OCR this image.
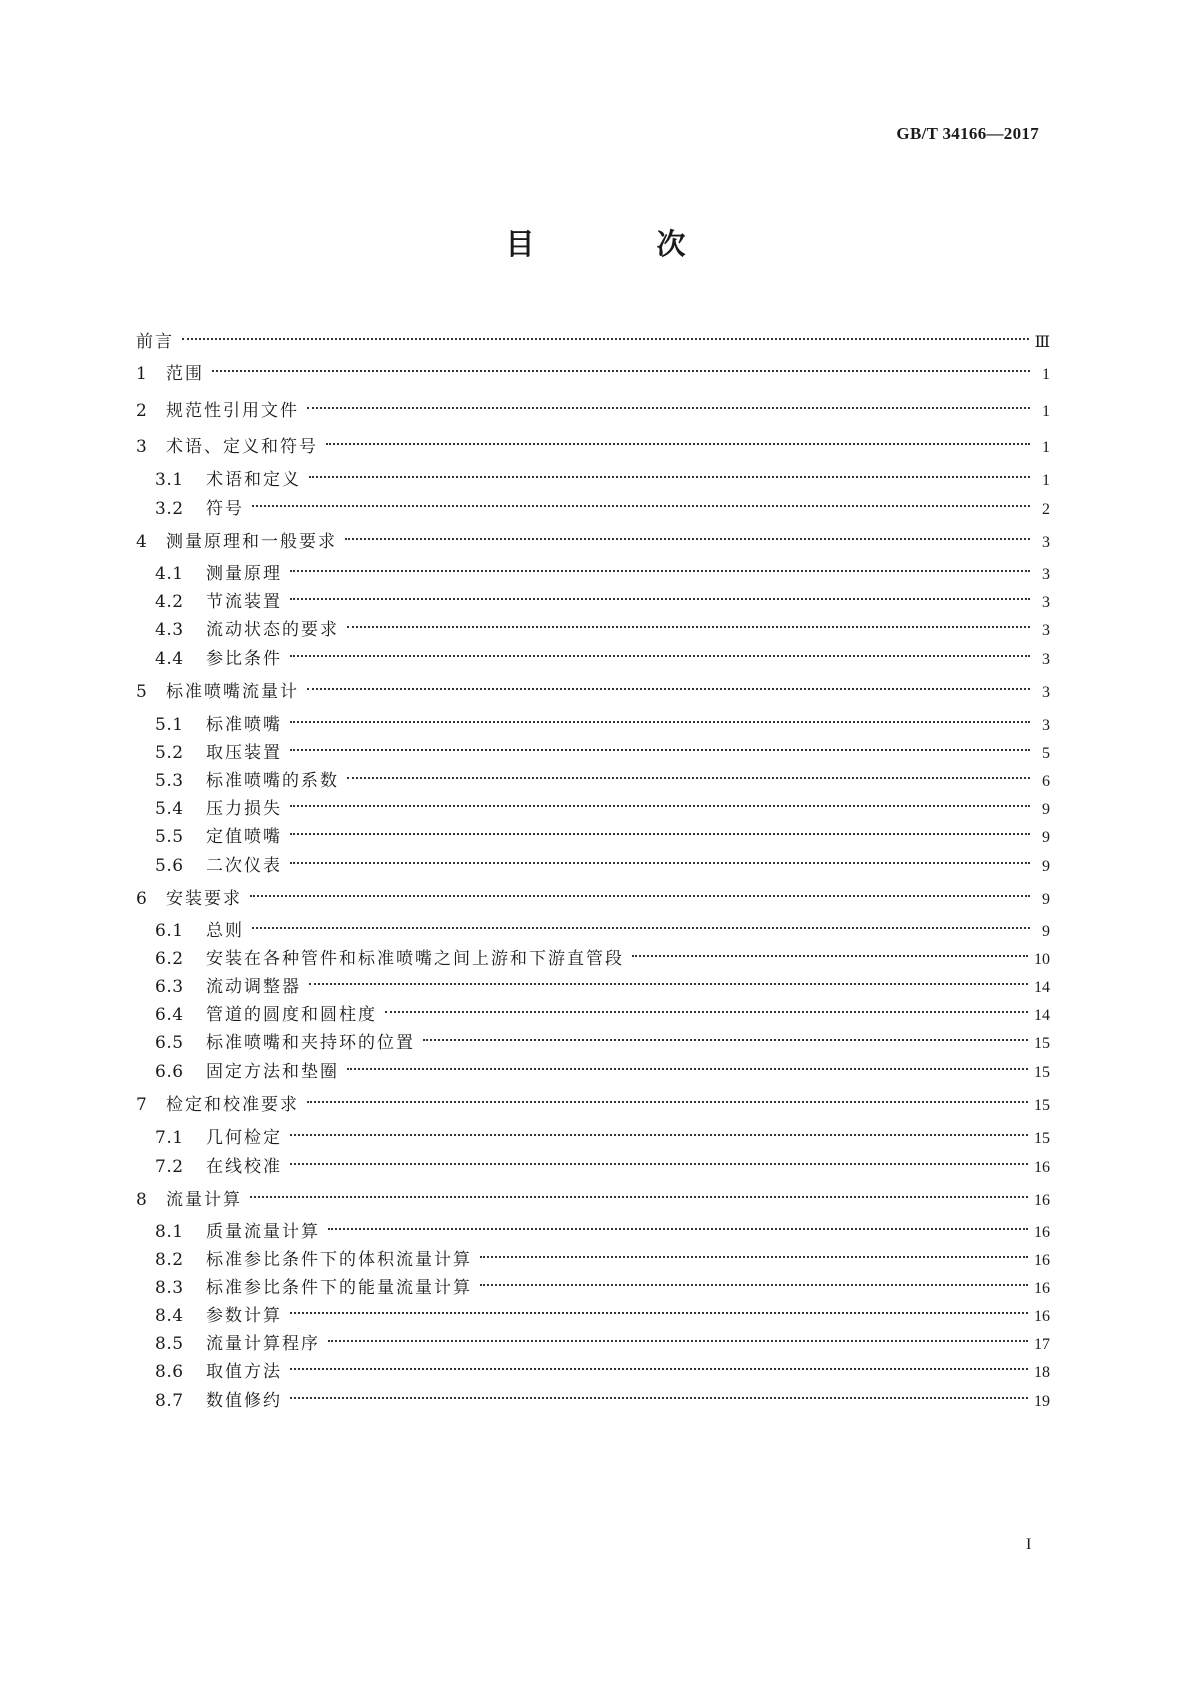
GB/T 34166—2017

目 次
前言	Ⅲ
1	范围	1
2	规范性引用文件	1
3	术语、定义和符号	1
3.1	术语和定义	1
3.2	符号	2
4	测量原理和一般要求	3
4.1	测量原理	3
4.2	节流装置	3
4.3	流动状态的要求	3
4.4	参比条件	3
5	标准喷嘴流量计	3
5.1	标准喷嘴	3
5.2	取压装置	5
5.3	标准喷嘴的系数	6
5.4	压力损失	9
5.5	定值喷嘴	9
5.6	二次仪表	9
6	安装要求	9
6.1	总则	9
6.2	安装在各种管件和标准喷嘴之间上游和下游直管段	10
6.3	流动调整器	14
6.4	管道的圆度和圆柱度	14
6.5	标准喷嘴和夹持环的位置	15
6.6	固定方法和垫圈	15
7	检定和校准要求	15
7.1	几何检定	15
7.2	在线校准	16
8	流量计算	16
8.1	质量流量计算	16
8.2	标准参比条件下的体积流量计算	16
8.3	标准参比条件下的能量流量计算	16
8.4	参数计算	16
8.5	流量计算程序	17
8.6	取值方法	18
8.7	数值修约	19

I
